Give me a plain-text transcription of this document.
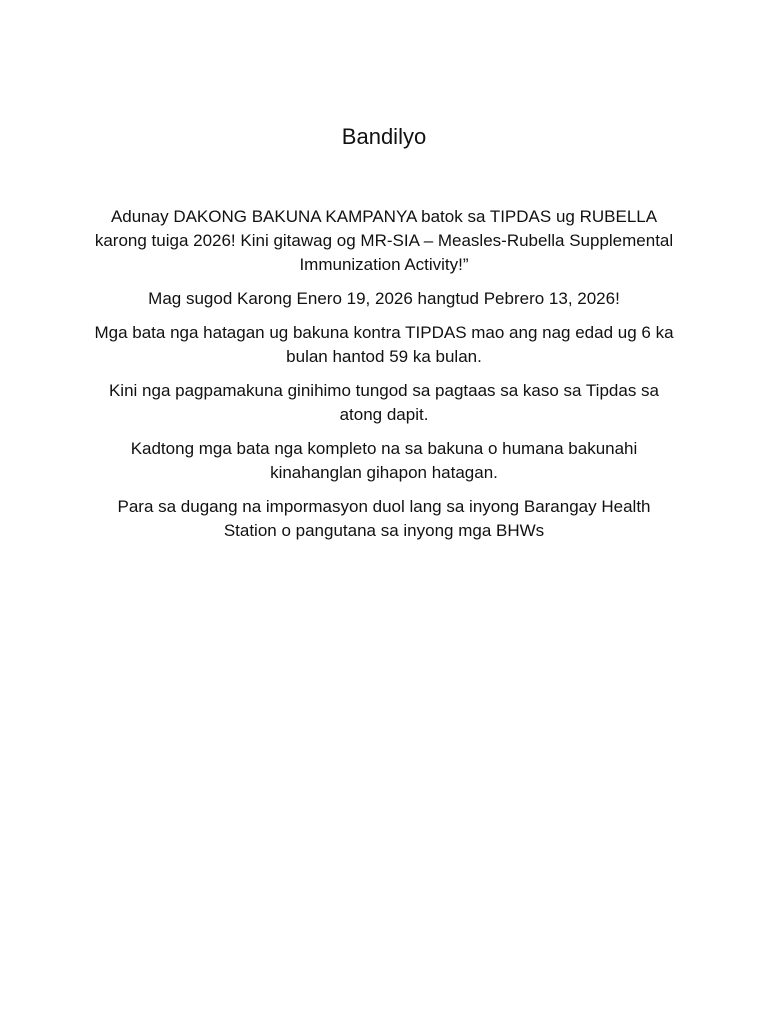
Bandilyo

Adunay DAKONG BAKUNA KAMPANYA batok sa TIPDAS ug RUBELLA karong tuiga 2026! Kini gitawag og MR-SIA – Measles-Rubella Supplemental Immunization Activity!”

Mag sugod Karong Enero 19, 2026 hangtud Pebrero 13, 2026!

Mga bata nga hatagan ug bakuna kontra TIPDAS mao ang nag edad ug 6 ka bulan hantod 59 ka bulan.

Kini nga pagpamakuna ginihimo tungod sa pagtaas sa kaso sa Tipdas sa atong dapit.

Kadtong mga bata nga kompleto na sa bakuna o humana bakunahi kinahanglan gihapon hatagan.

Para sa dugang na impormasyon duol lang sa inyong Barangay Health Station o pangutana sa inyong mga BHWs
